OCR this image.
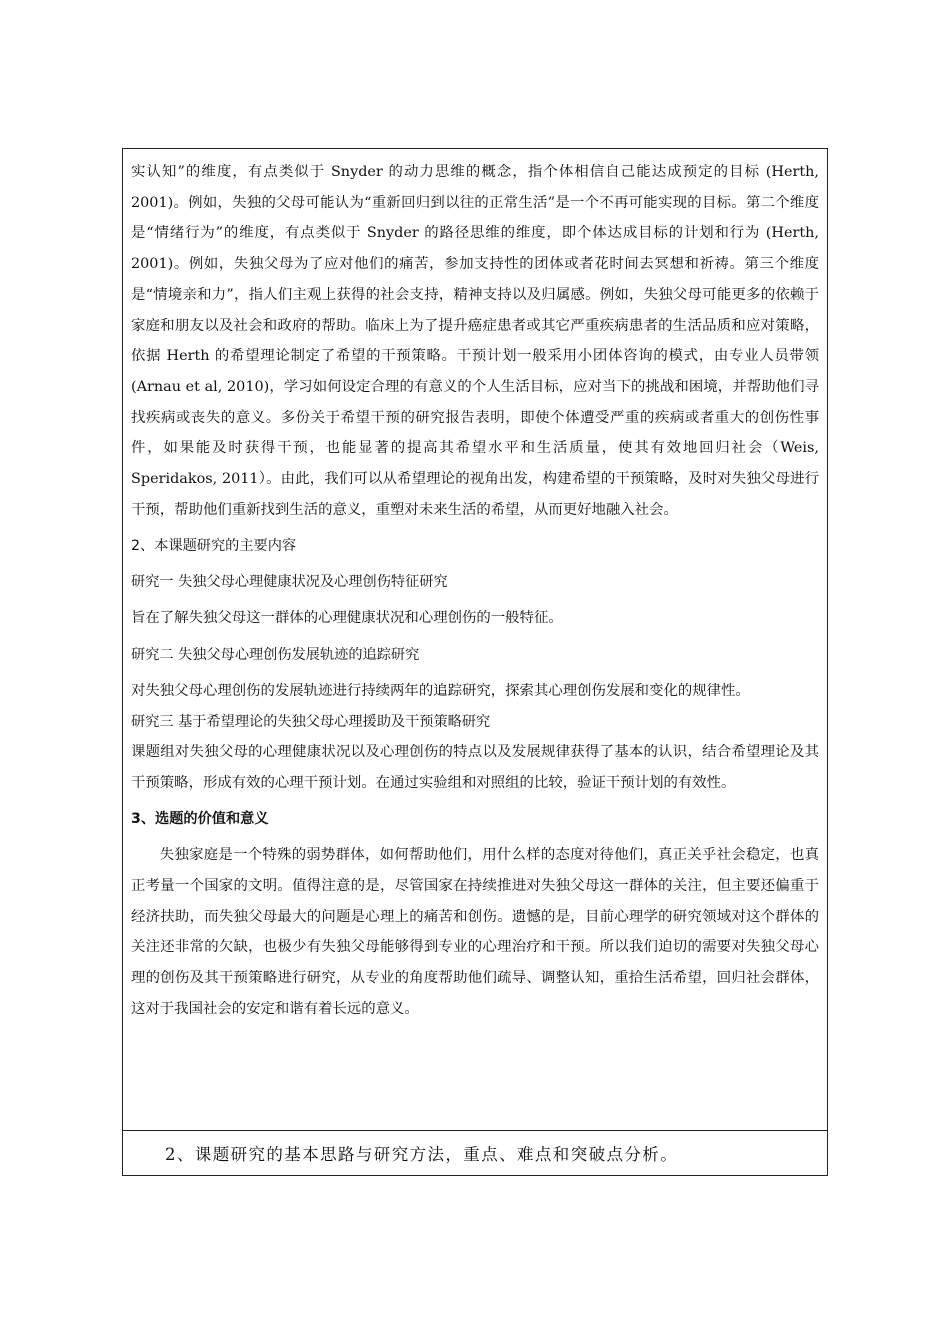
实认知”的维度，有点类似于 Snyder 的动力思维的概念，指个体相信自己能达成预定的目标 (Herth, 2001)。例如，失独的父母可能认为“重新回归到以往的正常生活”是一个不再可能实现的目标。第二个维度是“情绪行为”的维度，有点类似于 Snyder 的路径思维的维度，即个体达成目标的计划和行为 (Herth, 2001)。例如，失独父母为了应对他们的痛苦，参加支持性的团体或者花时间去冥想和祈祷。第三个维度是“情境亲和力”，指人们主观上获得的社会支持，精神支持以及归属感。例如，失独父母可能更多的依赖于家庭和朋友以及社会和政府的帮助。临床上为了提升癌症患者或其它严重疾病患者的生活品质和应对策略，依据 Herth 的希望理论制定了希望的干预策略。干预计划一般采用小团体咨询的模式，由专业人员带领(Arnau et al, 2010)，学习如何设定合理的有意义的个人生活目标，应对当下的挑战和困境，并帮助他们寻找疾病或丧失的意义。多份关于希望干预的研究报告表明，即使个体遭受严重的疾病或者重大的创伤性事件，如果能及时获得干预，也能显著的提高其希望水平和生活质量，使其有效地回归社会（Weis, Speridakos, 2011）。由此，我们可以从希望理论的视角出发，构建希望的干预策略，及时对失独父母进行干预，帮助他们重新找到生活的意义，重塑对未来生活的希望，从而更好地融入社会。

2、本课题研究的主要内容

研究一 失独父母心理健康状况及心理创伤特征研究

旨在了解失独父母这一群体的心理健康状况和心理创伤的一般特征。

研究二 失独父母心理创伤发展轨迹的追踪研究

对失独父母心理创伤的发展轨迹进行持续两年的追踪研究，探索其心理创伤发展和变化的规律性。

研究三 基于希望理论的失独父母心理援助及干预策略研究

课题组对失独父母的心理健康状况以及心理创伤的特点以及发展规律获得了基本的认识，结合希望理论及其干预策略，形成有效的心理干预计划。在通过实验组和对照组的比较，验证干预计划的有效性。

3、选题的价值和意义

失独家庭是一个特殊的弱势群体，如何帮助他们，用什么样的态度对待他们，真正关乎社会稳定，也真正考量一个国家的文明。值得注意的是，尽管国家在持续推进对失独父母这一群体的关注，但主要还偏重于经济扶助，而失独父母最大的问题是心理上的痛苦和创伤。遗憾的是，目前心理学的研究领域对这个群体的关注还非常的欠缺，也极少有失独父母能够得到专业的心理治疗和干预。所以我们迫切的需要对失独父母心理的创伤及其干预策略进行研究，从专业的角度帮助他们疏导、调整认知，重拾生活希望，回归社会群体，这对于我国社会的安定和谐有着长远的意义。

2、课题研究的基本思路与研究方法，重点、难点和突破点分析。
